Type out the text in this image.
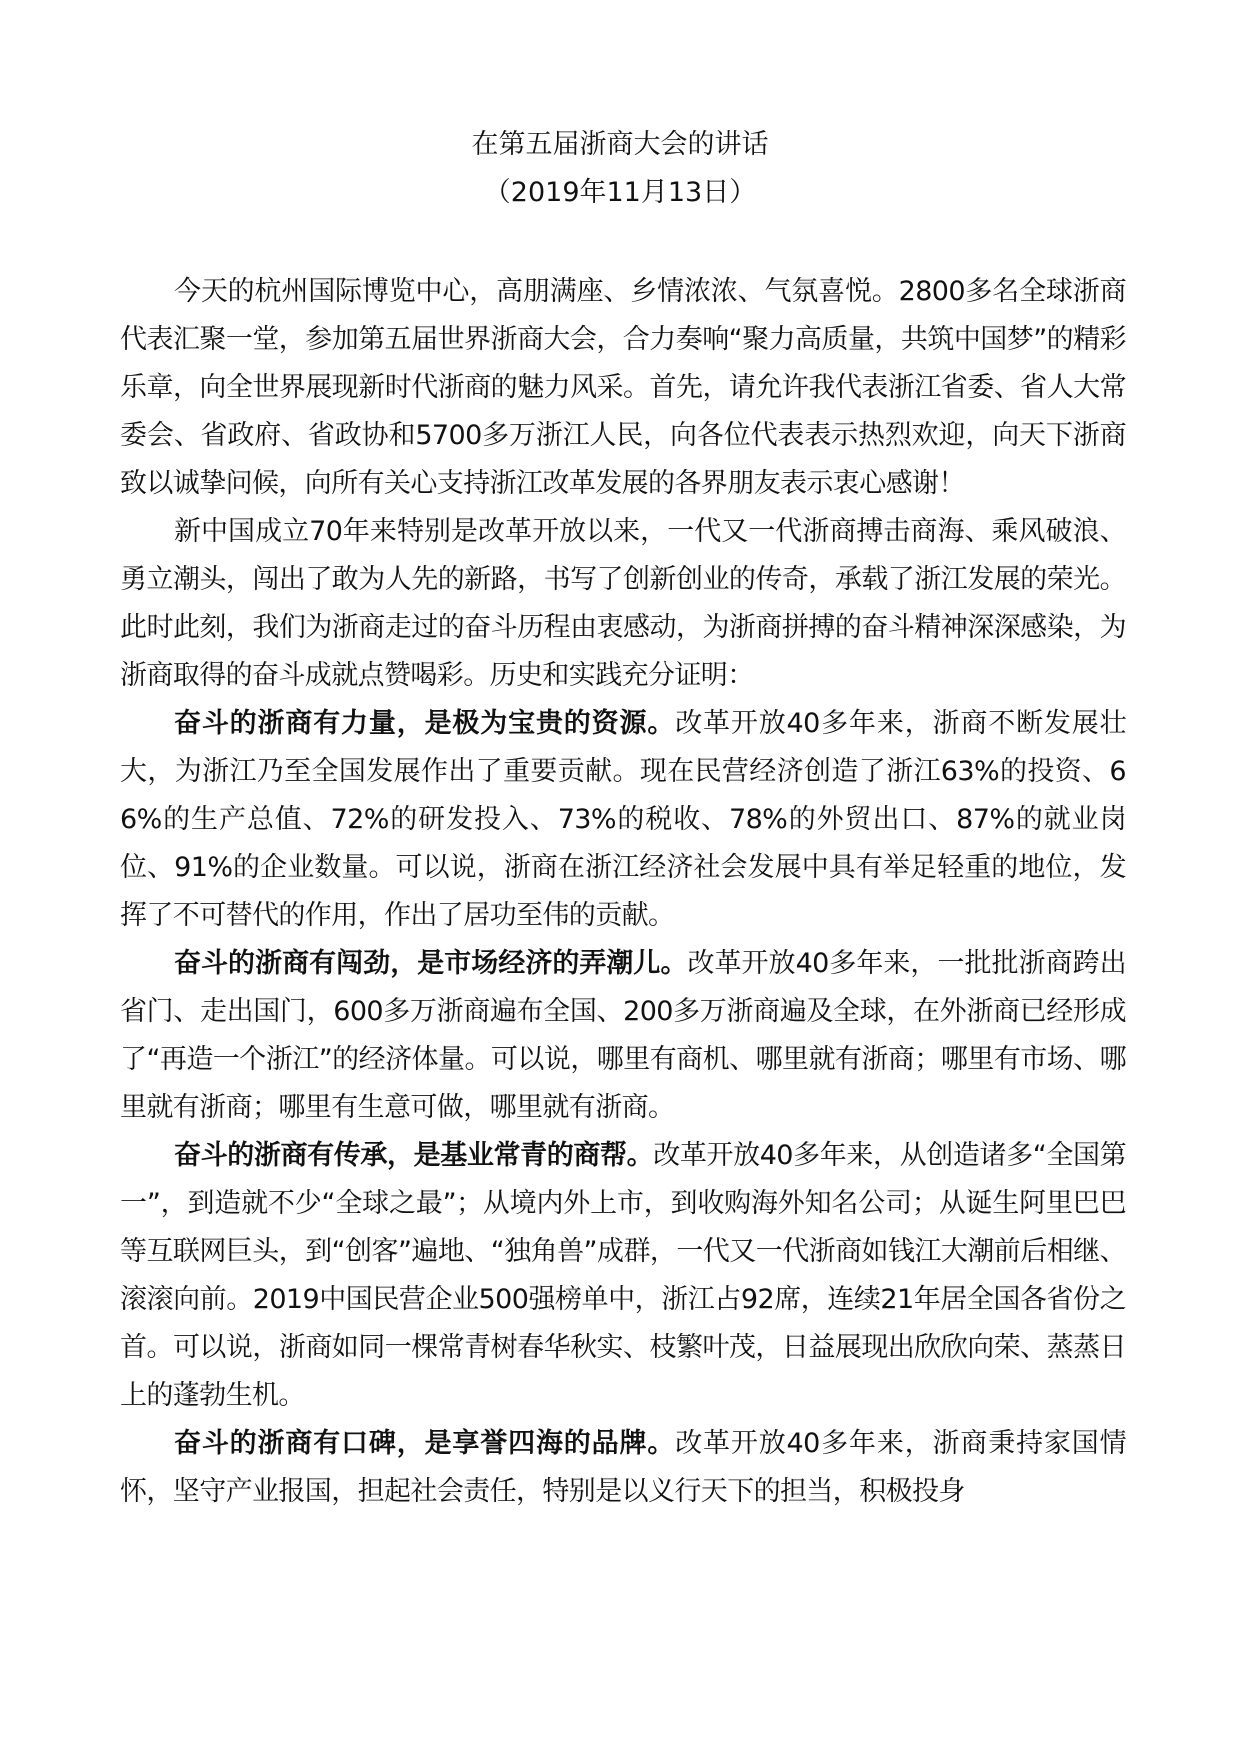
在第五届浙商大会的讲话
（2019年11月13日）

今天的杭州国际博览中心，高朋满座、乡情浓浓、气氛喜悦。2800多名全球浙商代表汇聚一堂，参加第五届世界浙商大会，合力奏响“聚力高质量，共筑中国梦”的精彩乐章，向全世界展现新时代浙商的魅力风采。首先，请允许我代表浙江省委、省人大常委会、省政府、省政协和5700多万浙江人民，向各位代表表示热烈欢迎，向天下浙商致以诚挚问候，向所有关心支持浙江改革发展的各界朋友表示衷心感谢！

新中国成立70年来特别是改革开放以来，一代又一代浙商搏击商海、乘风破浪、勇立潮头，闯出了敢为人先的新路，书写了创新创业的传奇，承载了浙江发展的荣光。此时此刻，我们为浙商走过的奋斗历程由衷感动，为浙商拼搏的奋斗精神深深感染，为浙商取得的奋斗成就点赞喝彩。历史和实践充分证明：

奋斗的浙商有力量，是极为宝贵的资源。改革开放40多年来，浙商不断发展壮大，为浙江乃至全国发展作出了重要贡献。现在民营经济创造了浙江63%的投资、66%的生产总值、72%的研发投入、73%的税收、78%的外贸出口、87%的就业岗位、91%的企业数量。可以说，浙商在浙江经济社会发展中具有举足轻重的地位，发挥了不可替代的作用，作出了居功至伟的贡献。

奋斗的浙商有闯劲，是市场经济的弄潮儿。改革开放40多年来，一批批浙商跨出省门、走出国门，600多万浙商遍布全国、200多万浙商遍及全球，在外浙商已经形成了“再造一个浙江”的经济体量。可以说，哪里有商机、哪里就有浙商；哪里有市场、哪里就有浙商；哪里有生意可做，哪里就有浙商。

奋斗的浙商有传承，是基业常青的商帮。改革开放40多年来，从创造诸多“全国第一”，到造就不少“全球之最”；从境内外上市，到收购海外知名公司；从诞生阿里巴巴等互联网巨头，到“创客”遍地、“独角兽”成群，一代又一代浙商如钱江大潮前后相继、滚滚向前。2019中国民营企业500强榜单中，浙江占92席，连续21年居全国各省份之首。可以说，浙商如同一棵常青树春华秋实、枝繁叶茂，日益展现出欣欣向荣、蒸蒸日上的蓬勃生机。

奋斗的浙商有口碑，是享誉四海的品牌。改革开放40多年来，浙商秉持家国情怀，坚守产业报国，担起社会责任，特别是以义行天下的担当，积极投身
